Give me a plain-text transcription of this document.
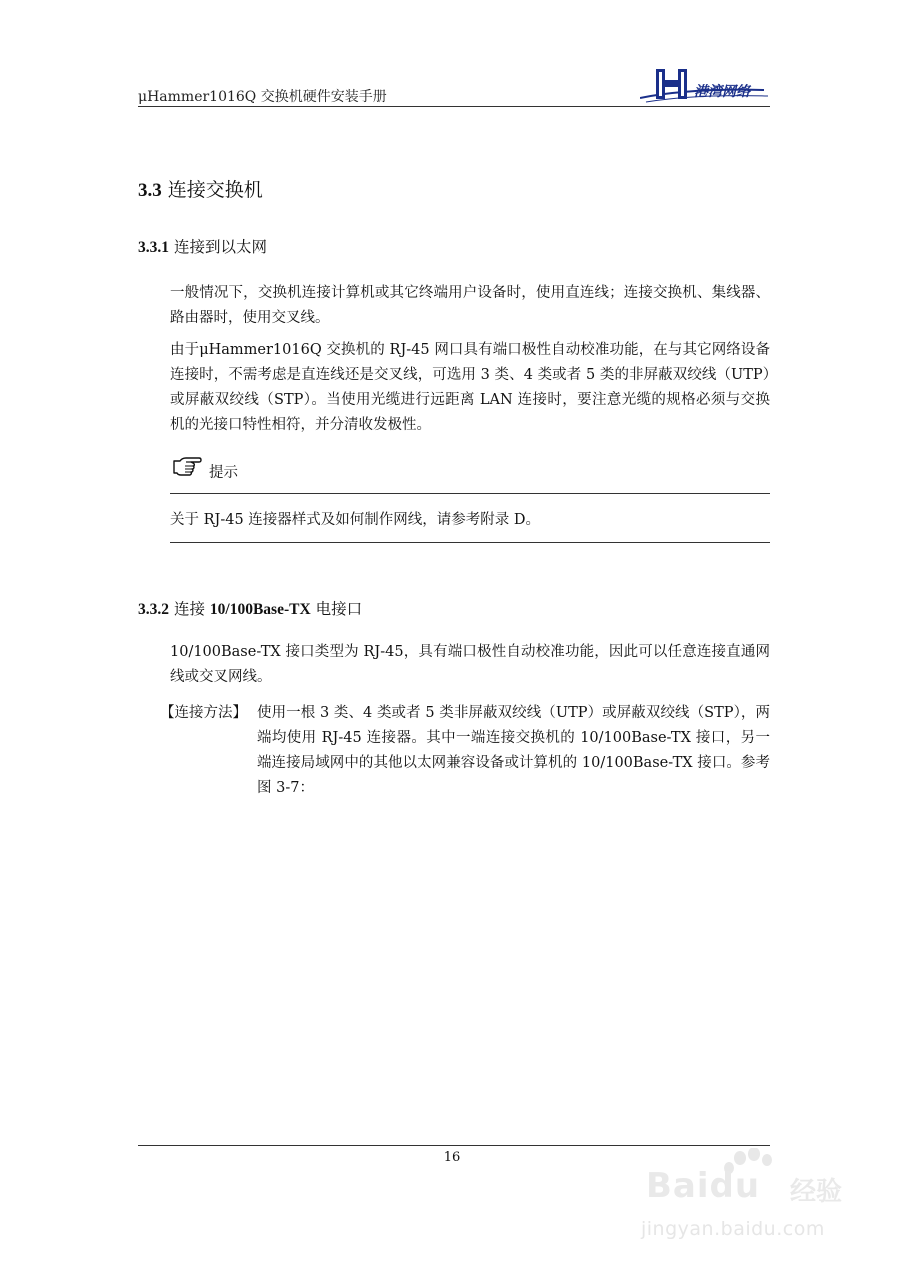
μHammer1016Q 交换机硬件安装手册	港湾网络
3.3 连接交换机
3.3.1 连接到以太网
一般情况下，交换机连接计算机或其它终端用户设备时，使用直连线；连接交换机、集线器、路由器时，使用交叉线。
由于μHammer1016Q 交换机的 RJ-45 网口具有端口极性自动校准功能，在与其它网络设备连接时，不需考虑是直连线还是交叉线，可选用 3 类、4 类或者 5 类的非屏蔽双绞线（UTP）或屏蔽双绞线（STP）。当使用光缆进行远距离 LAN 连接时，要注意光缆的规格必须与交换机的光接口特性相符，并分清收发极性。
提示
关于 RJ-45 连接器样式及如何制作网线，请参考附录 D。
3.3.2 连接 10/100Base-TX 电接口
10/100Base-TX 接口类型为 RJ-45，具有端口极性自动校准功能，因此可以任意连接直通网线或交叉网线。
【连接方法】 使用一根 3 类、4 类或者 5 类非屏蔽双绞线（UTP）或屏蔽双绞线（STP），两端均使用 RJ-45 连接器。其中一端连接交换机的 10/100Base-TX 接口，另一端连接局域网中的其他以太网兼容设备或计算机的 10/100Base-TX 接口。参考图 3-7：
16
Baidu 经验
jingyan.baidu.com
